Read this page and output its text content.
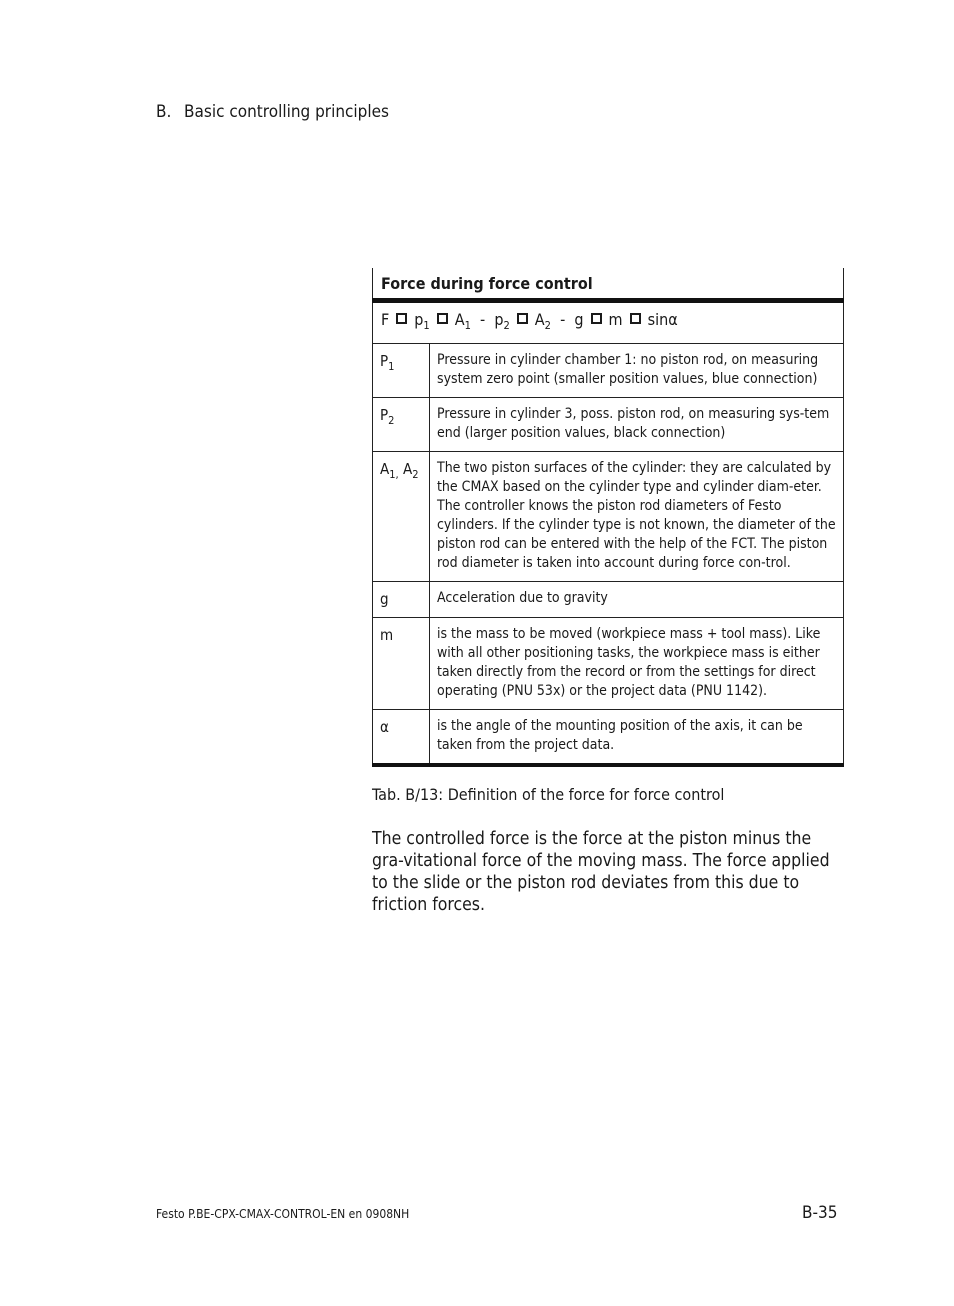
B. Basic controlling principles
Force during force control	
F $p_1$ $A_1 - p_2$ $A_2$ - g m sinα	
$P_1$	Pressure in cylinder chamber 1: no piston rod, on measuring system zero point (smaller position values, blue connection)
$P_2$	Pressure in cylinder 3, poss. piston rod, on measuring sys-tem end (larger position values, black connection)
$A_{1,}$ $A_2$	The two piston surfaces of the cylinder: they are calculated by the CMAX based on the cylinder type and cylinder diam-eter. The controller knows the piston rod diameters of Festo cylinders. If the cylinder type is not known, the diameter of the piston rod can be entered with the help of the FCT. The piston rod diameter is taken into account during force con-trol.
g	Acceleration due to gravity
m	is the mass to be moved (workpiece mass + tool mass). Like with all other positioning tasks, the workpiece mass is either taken directly from the record or from the settings for direct operating (PNU 53x) or the project data (PNU 1142).
α	is the angle of the mounting position of the axis, it can be taken from the project data.
Tab. B/13: Definition of the force for force control
The controlled force is the force at the piston minus the gra-vitational force of the moving mass. The force applied to the slide or the piston rod deviates from this due to friction forces.
Festo P.BE-CPX-CMAX-CONTROL-EN en 0908NH	B-35
